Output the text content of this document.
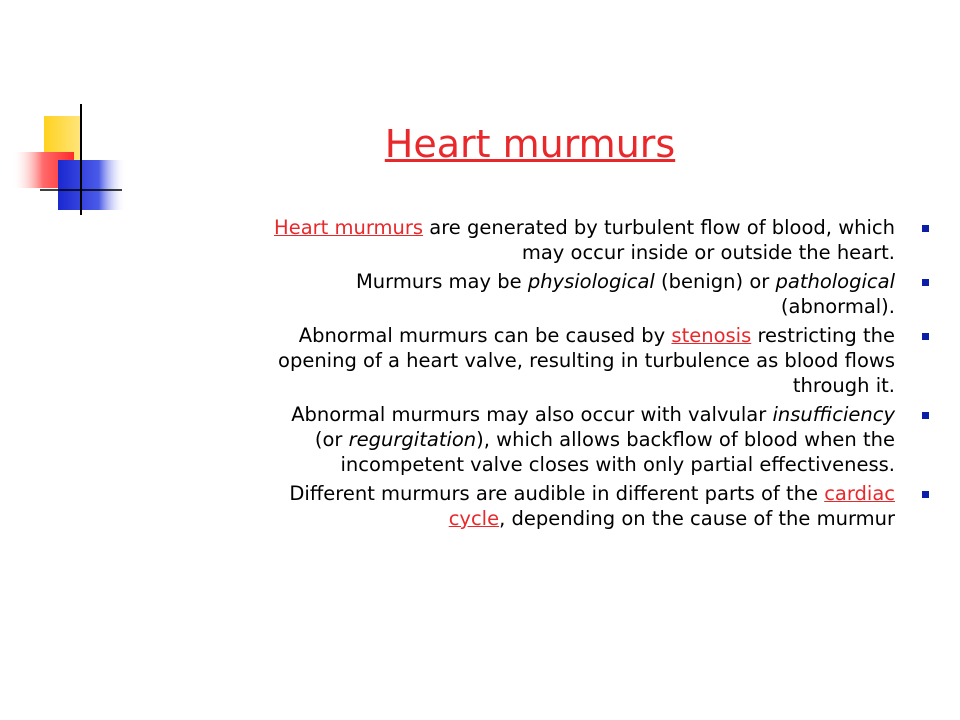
Heart murmurs

Heart murmurs are generated by turbulent flow of blood, which
may occur inside or outside the heart.

Murmurs may be physiological (benign) or pathological
(abnormal).

Abnormal murmurs can be caused by stenosis restricting the
opening of a heart valve, resulting in turbulence as blood flows
through it.

Abnormal murmurs may also occur with valvular insufficiency
(or regurgitation), which allows backflow of blood when the
incompetent valve closes with only partial effectiveness.

Different murmurs are audible in different parts of the cardiac
cycle, depending on the cause of the murmur
